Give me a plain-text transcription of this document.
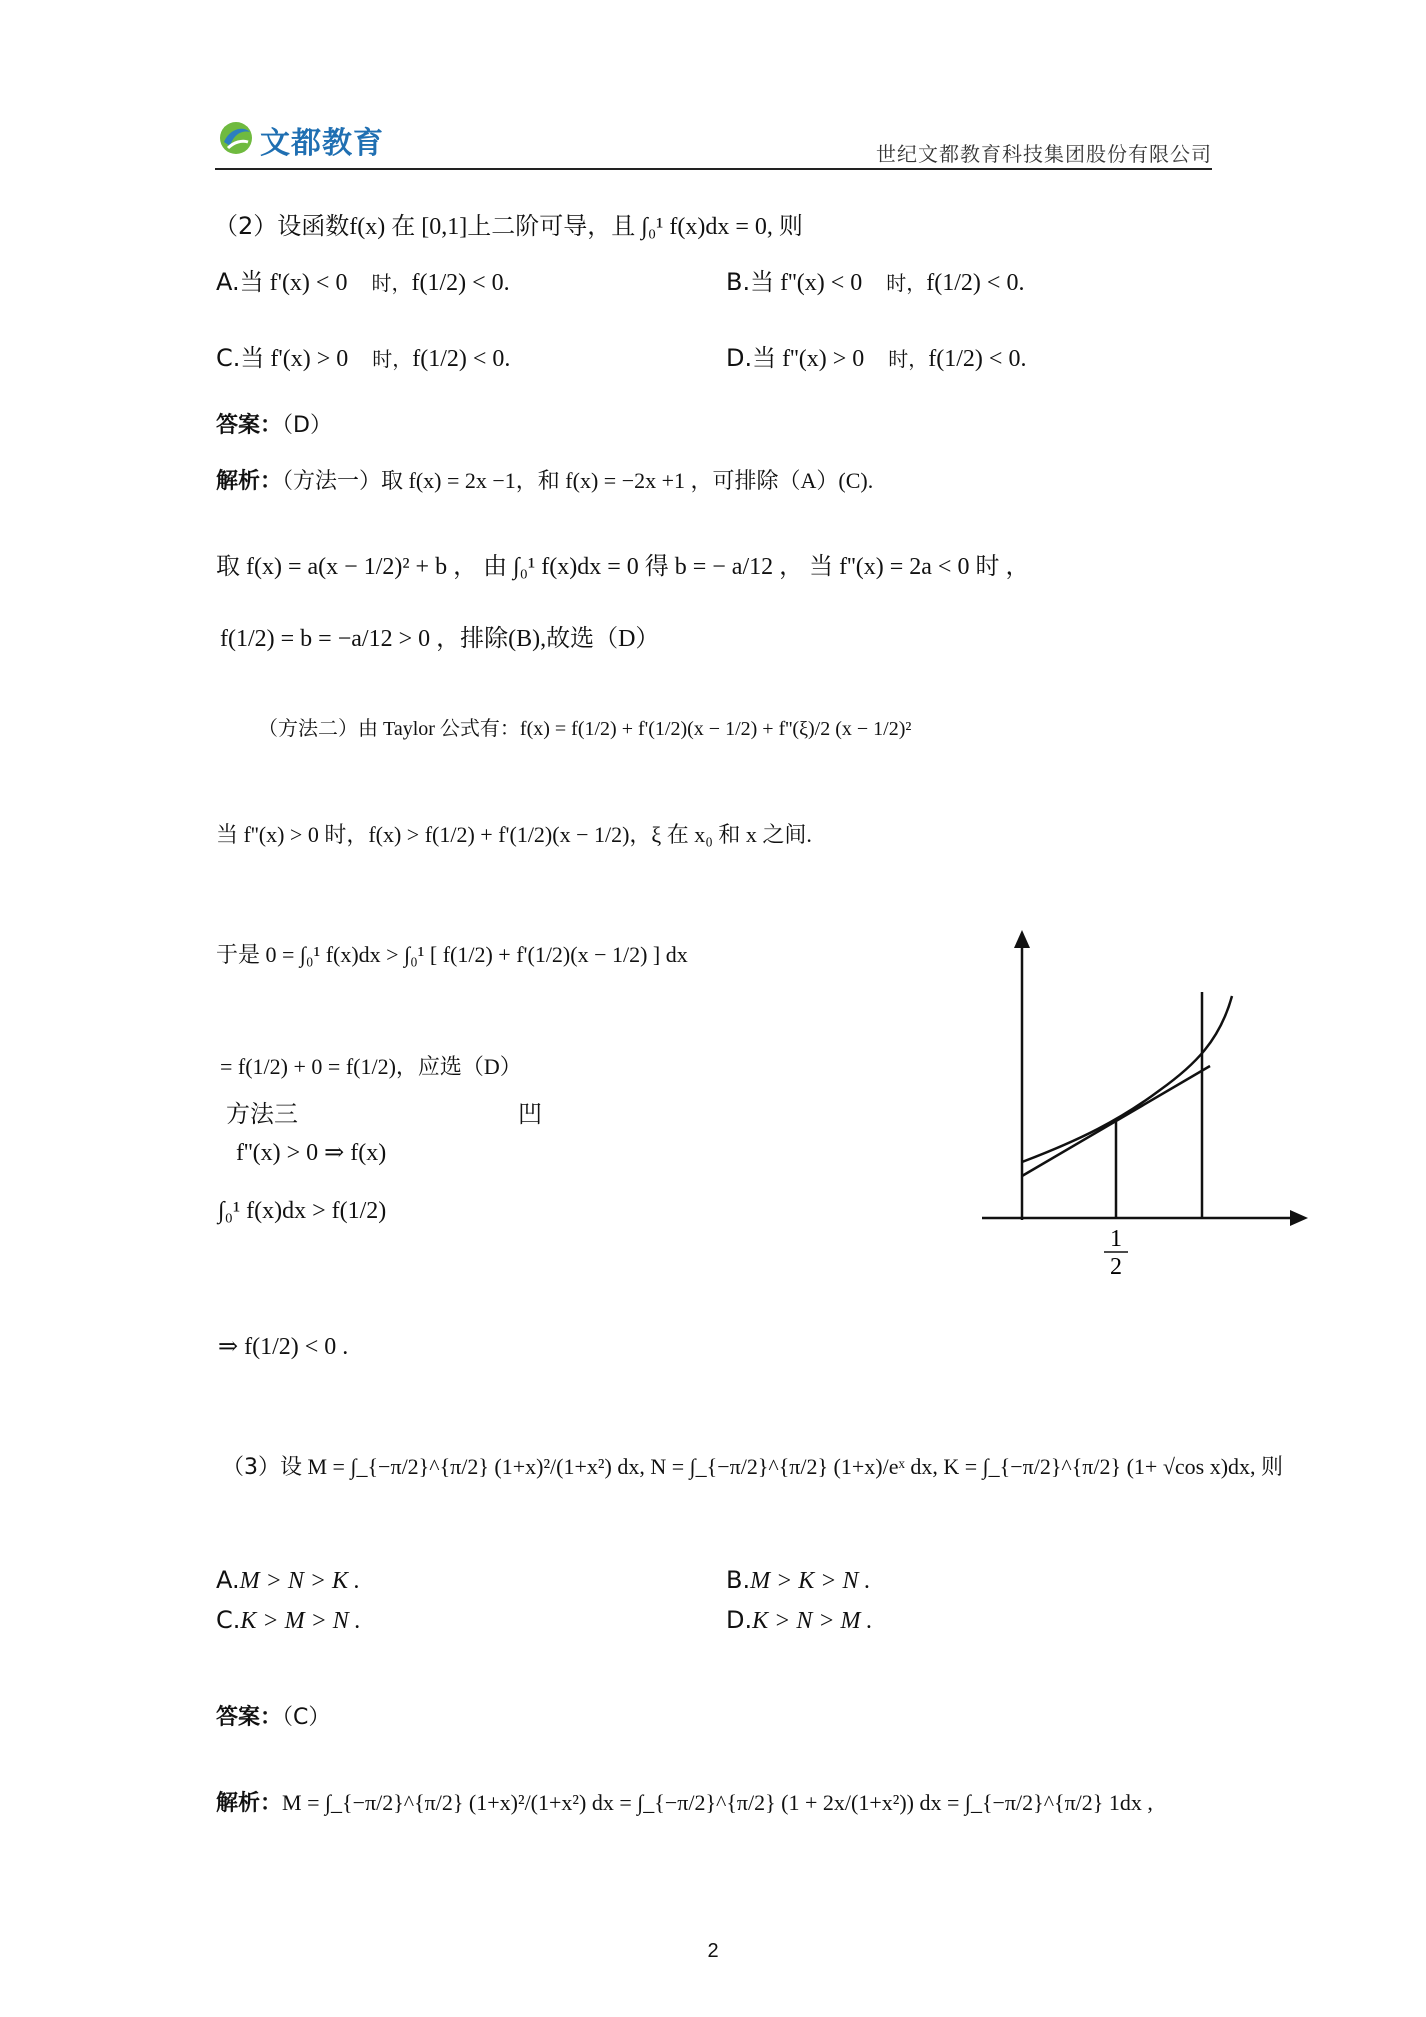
文都教育	世纪文都教育科技集团股份有限公司
（2）设函数f(x) 在 [0,1]上二阶可导，且 ∫₀¹ f(x)dx = 0, 则
A.当 f'(x) < 0 时，f(1/2) < 0.	B.当 f''(x) < 0 时，f(1/2) < 0.
C.当 f'(x) > 0 时，f(1/2) < 0.	D.当 f''(x) > 0 时，f(1/2) < 0.
答案：（D）
解析：（方法一）取 f(x) = 2x −1，和 f(x) = −2x +1 ，可排除（A）(C).
取 f(x) = a(x − 1/2)² + b ， 由 ∫₀¹ f(x)dx = 0 得 b = − a/12 ， 当 f''(x) = 2a < 0 时 ，
f(1/2) = b = −a/12 > 0 ，排除(B),故选（D）
（方法二）由 Taylor 公式有：f(x) = f(1/2) + f'(1/2)(x − 1/2) + f''(ξ)/2 (x − 1/2)²
当 f''(x) > 0 时，f(x) > f(1/2) + f'(1/2)(x − 1/2)，ξ 在 x₀ 和 x 之间.
于是 0 = ∫₀¹ f(x)dx > ∫₀¹ [ f(1/2) + f'(1/2)(x − 1/2) ] dx
= f(1/2) + 0 = f(1/2)，应选（D）
方法三	凹
f''(x) > 0 ⇒ f(x)
∫₀¹ f(x)dx > f(1/2)
⇒ f(1/2) < 0 .
1
2
（3）设 M = ∫_{−π/2}^{π/2} (1+x)²/(1+x²) dx, N = ∫_{−π/2}^{π/2} (1+x)/eˣ dx, K = ∫_{−π/2}^{π/2} (1+ √cos x)dx, 则
A.M > N > K .	B.M > K > N .
C.K > M > N .	D.K > N > M .
答案：（C）
解析：M = ∫_{−π/2}^{π/2} (1+x)²/(1+x²) dx = ∫_{−π/2}^{π/2} (1 + 2x/(1+x²)) dx = ∫_{−π/2}^{π/2} 1dx ,
2
